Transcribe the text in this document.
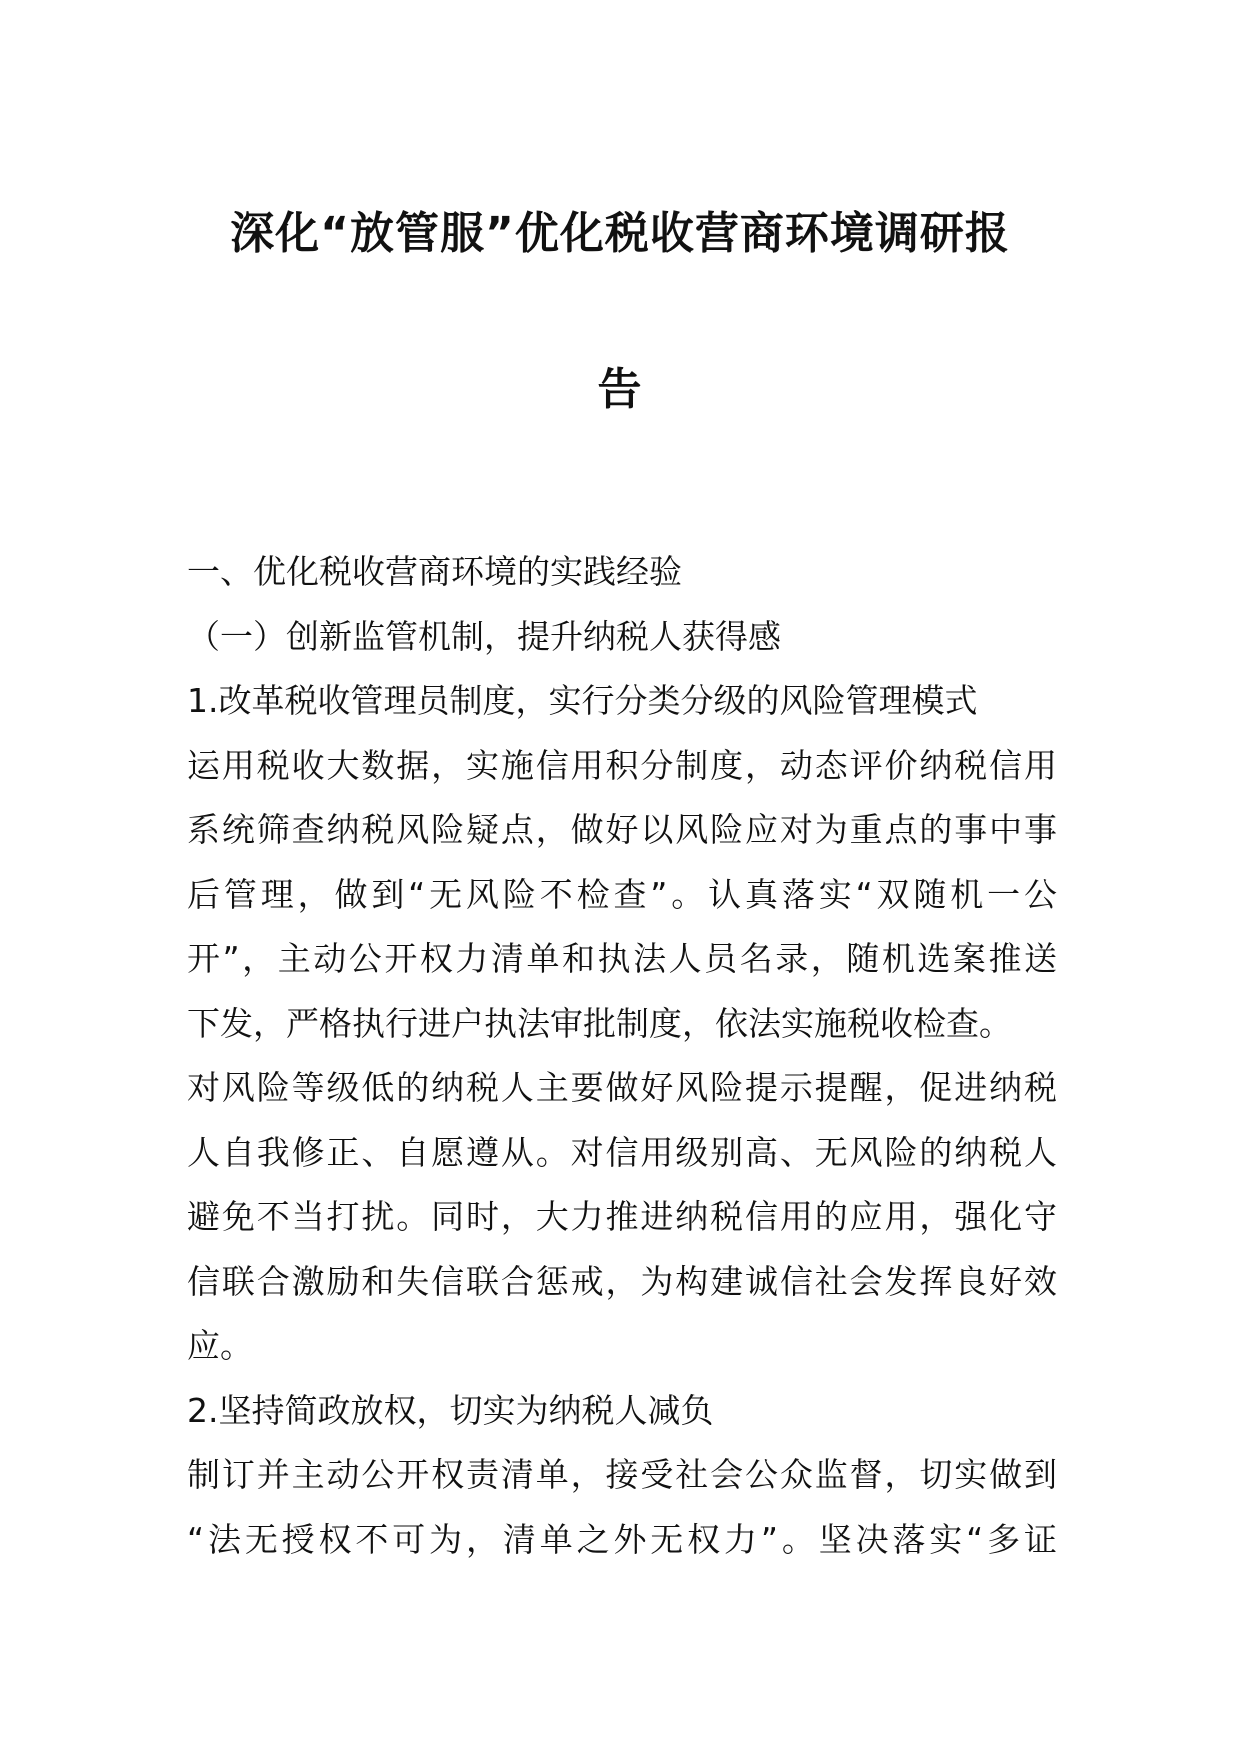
深化“放管服”优化税收营商环境调研报
告

一、优化税收营商环境的实践经验

（一）创新监管机制，提升纳税人获得感

1.改革税收管理员制度，实行分类分级的风险管理模式

运用税收大数据，实施信用积分制度，动态评价纳税信用

系统筛查纳税风险疑点，做好以风险应对为重点的事中事

后管理，做到“无风险不检查”。认真落实“双随机一公

开”，主动公开权力清单和执法人员名录，随机选案推送

下发，严格执行进户执法审批制度，依法实施税收检查。

对风险等级低的纳税人主要做好风险提示提醒，促进纳税

人自我修正、自愿遵从。对信用级别高、无风险的纳税人

避免不当打扰。同时，大力推进纳税信用的应用，强化守

信联合激励和失信联合惩戒，为构建诚信社会发挥良好效

应。

2.坚持简政放权，切实为纳税人减负

制订并主动公开权责清单，接受社会公众监督，切实做到

“法无授权不可为，清单之外无权力”。坚决落实“多证
